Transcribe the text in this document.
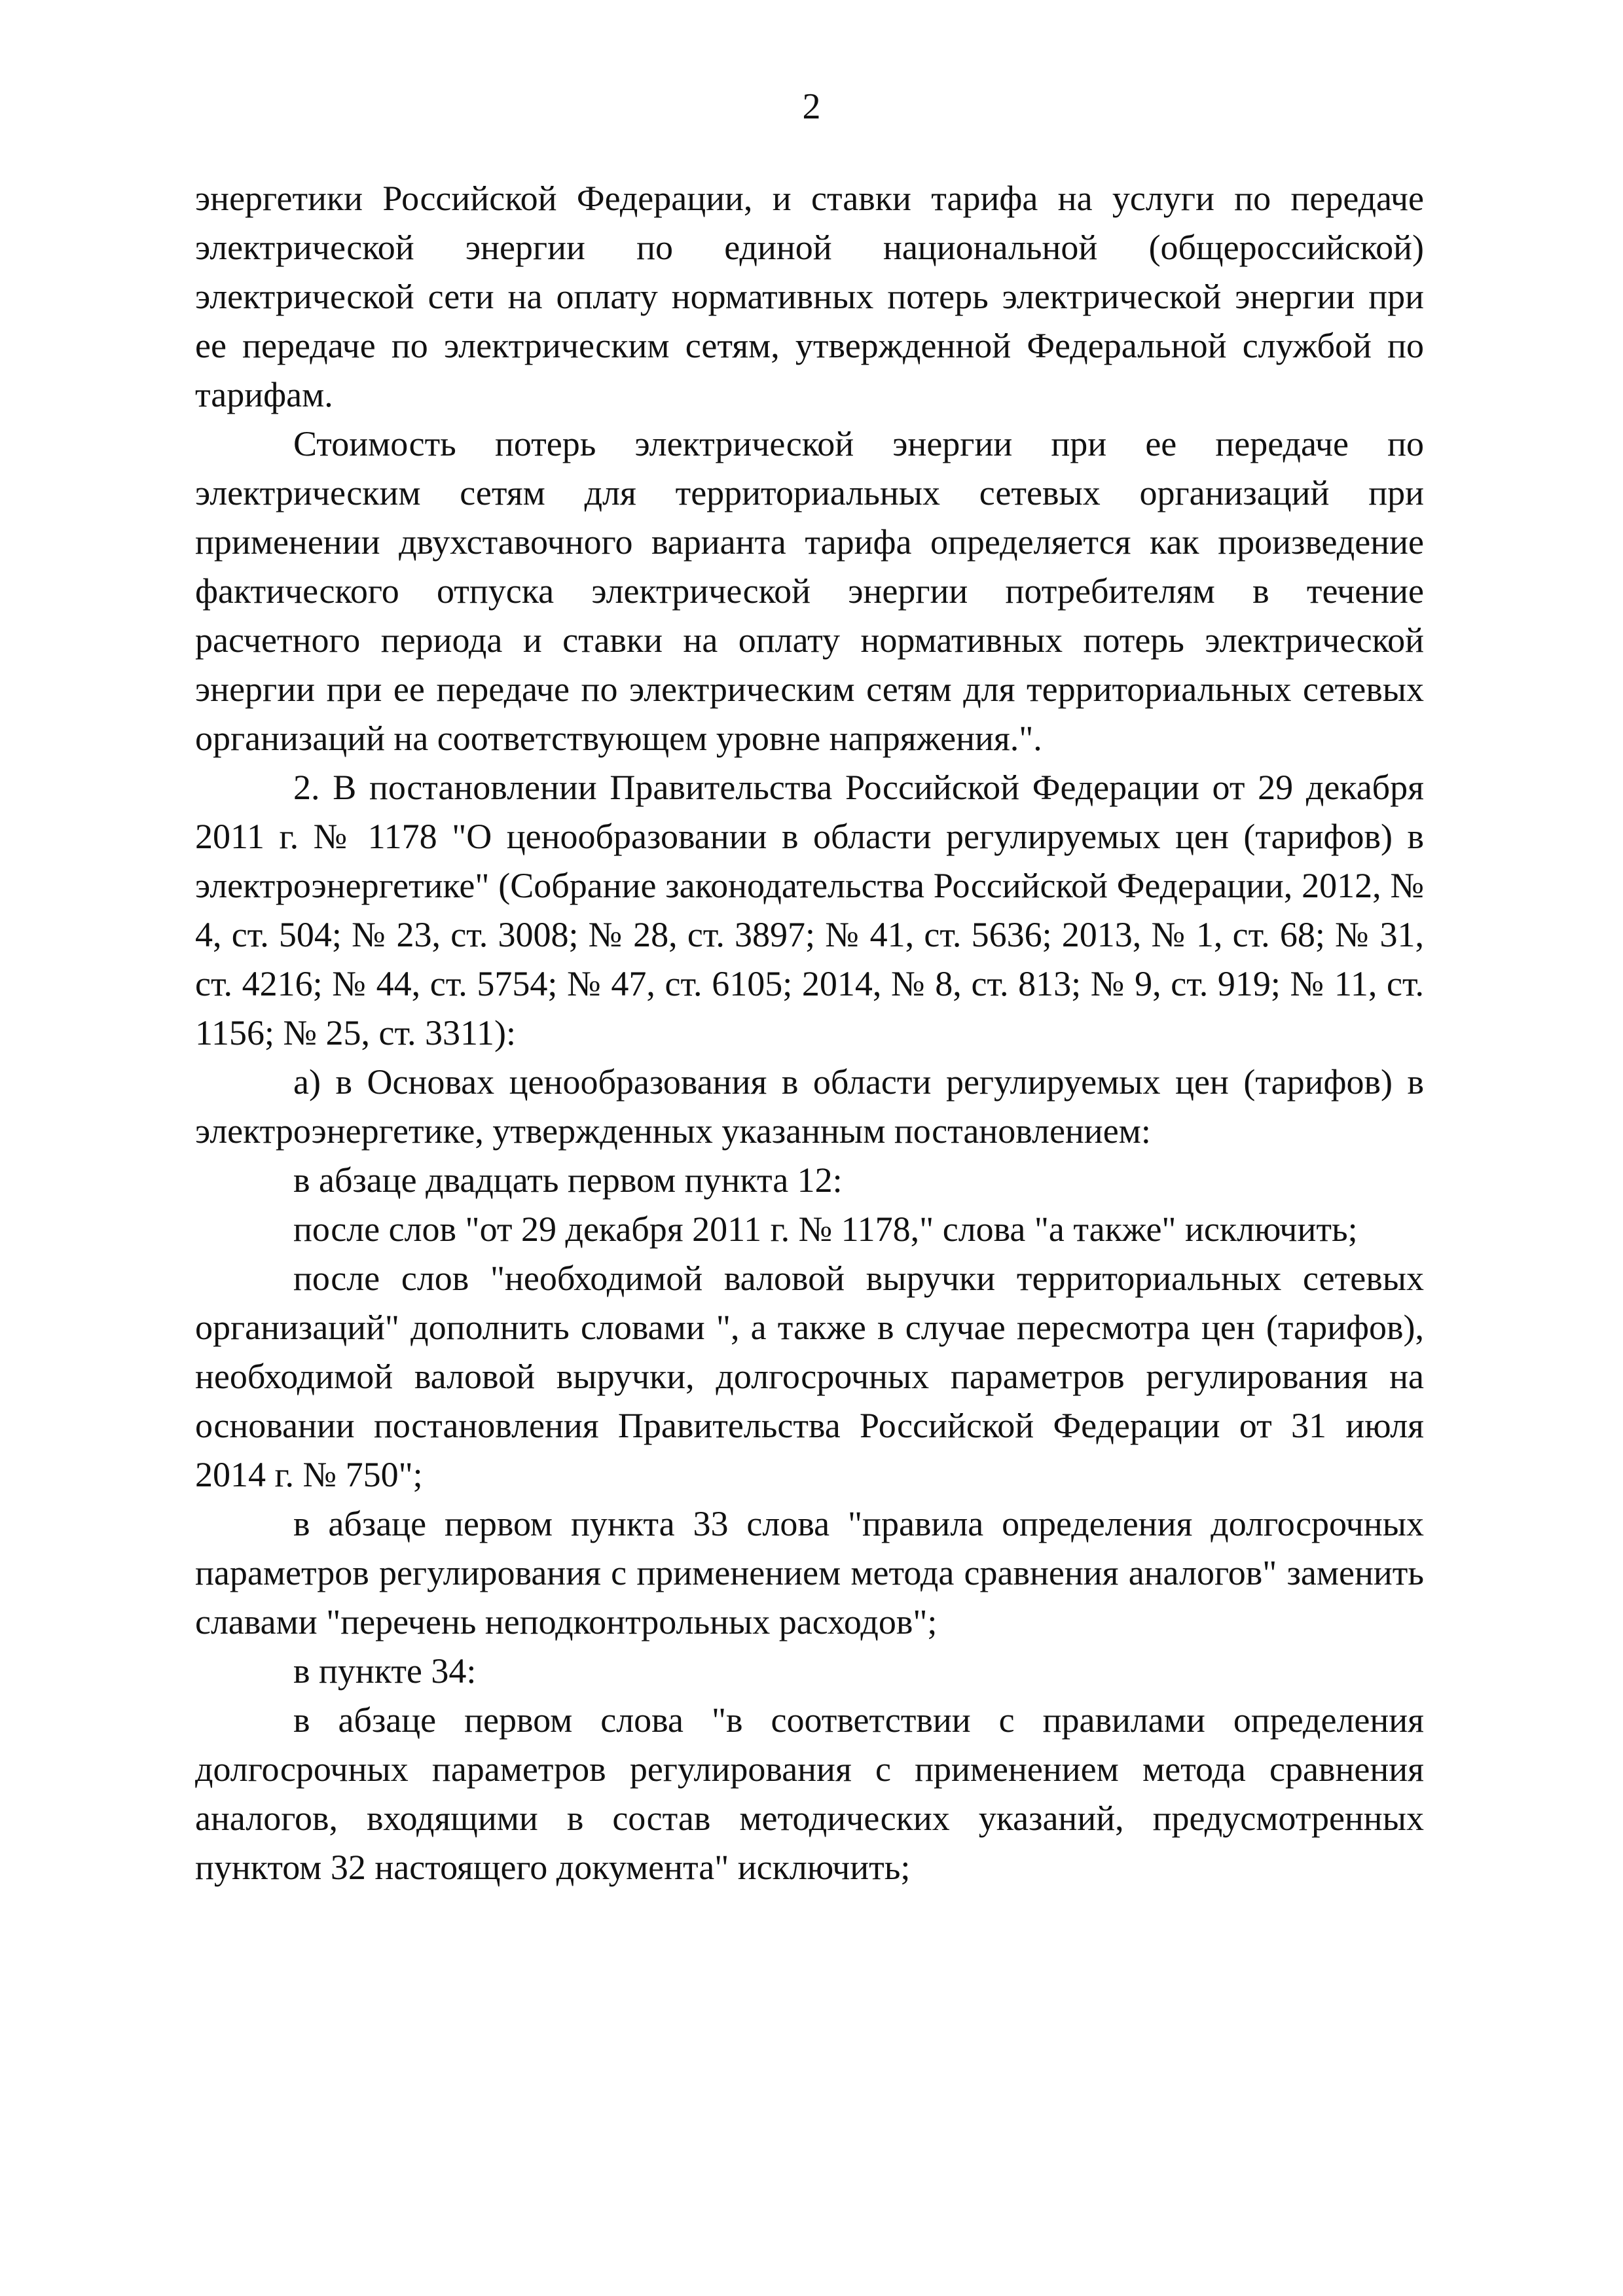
2

энергетики Российской Федерации, и ставки тарифа на услуги по передаче электрической энергии по единой национальной (общероссийской) электрической сети на оплату нормативных потерь электрической энергии при ее передаче по электрическим сетям, утвержденной Федеральной службой по тарифам.

Стоимость потерь электрической энергии при ее передаче по электрическим сетям для территориальных сетевых организаций при применении двухставочного варианта тарифа определяется как произведение фактического отпуска электрической энергии потребителям в течение расчетного периода и ставки на оплату нормативных потерь электрической энергии при ее передаче по электрическим сетям для территориальных сетевых организаций на соответствующем уровне напряжения.".

2. В постановлении Правительства Российской Федерации от 29 декабря 2011 г. № 1178 "О ценообразовании в области регулируемых цен (тарифов) в электроэнергетике" (Собрание законодательства Российской Федерации, 2012, № 4, ст. 504; № 23, ст. 3008; № 28, ст. 3897; № 41, ст. 5636; 2013, № 1, ст. 68; № 31, ст. 4216; № 44, ст. 5754; № 47, ст. 6105; 2014, № 8, ст. 813; № 9, ст. 919; № 11, ст. 1156; № 25, ст. 3311):

а) в Основах ценообразования в области регулируемых цен (тарифов) в электроэнергетике, утвержденных указанным постановлением:

в абзаце двадцать первом пункта 12:

после слов "от 29 декабря 2011 г. № 1178," слова "а также" исключить;

после слов "необходимой валовой выручки территориальных сетевых организаций" дополнить словами ", а также в случае пересмотра цен (тарифов), необходимой валовой выручки, долгосрочных параметров регулирования на основании постановления Правительства Российской Федерации от 31 июля 2014 г. № 750";

в абзаце первом пункта 33 слова "правила определения долгосрочных параметров регулирования с применением метода сравнения аналогов" заменить славами "перечень неподконтрольных расходов";

в пункте 34:

в абзаце первом слова "в соответствии с правилами определения долгосрочных параметров регулирования с применением метода сравнения аналогов, входящими в состав методических указаний, предусмотренных пунктом 32 настоящего документа" исключить;
